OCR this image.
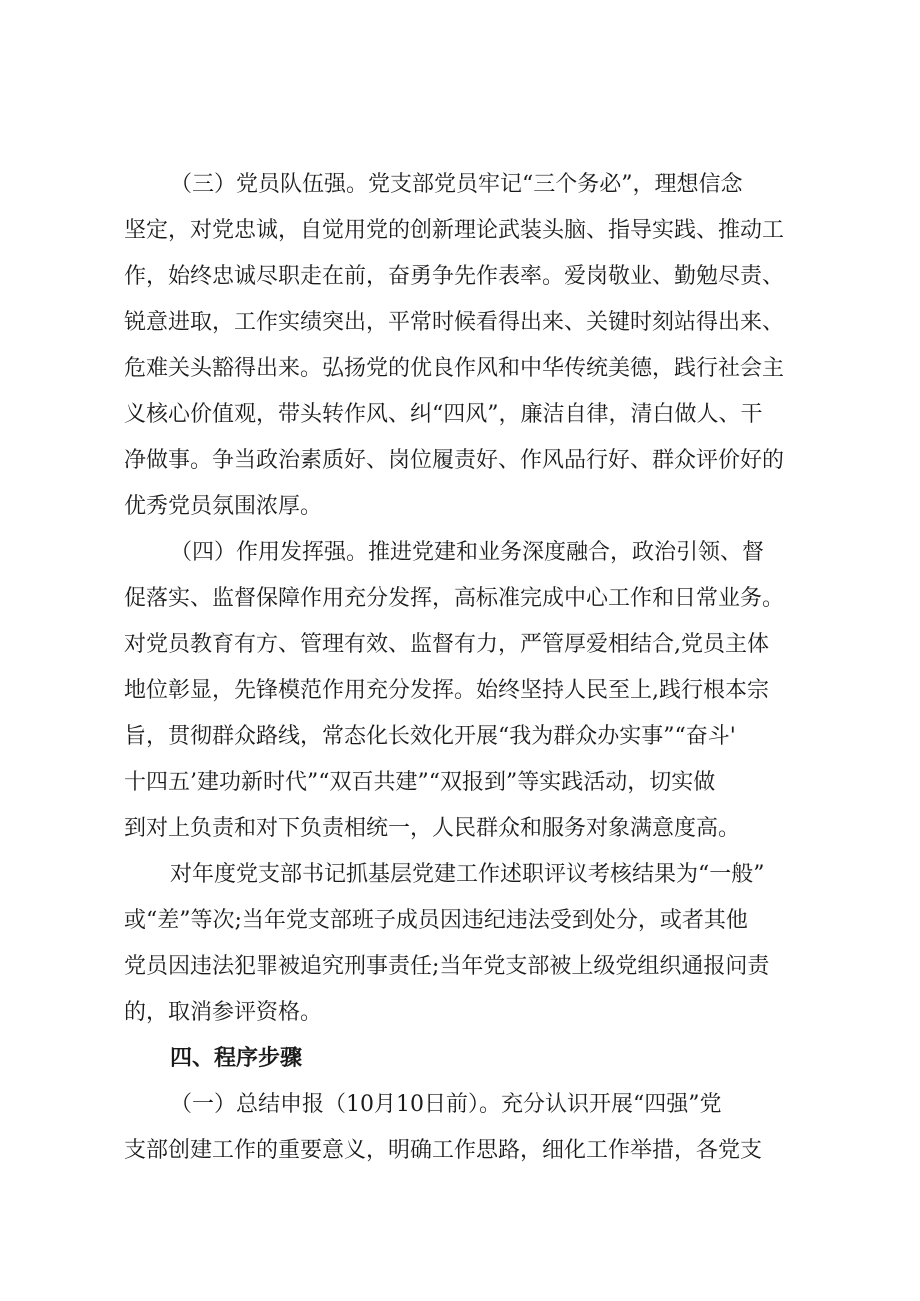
（三）党员队伍强。党支部党员牢记“三个务必”，理想信念
坚定，对党忠诚，自觉用党的创新理论武装头脑、指导实践、推动工
作，始终忠诚尽职走在前，奋勇争先作表率。爱岗敬业、勤勉尽责、
锐意进取，工作实绩突出，平常时候看得出来、关键时刻站得出来、
危难关头豁得出来。弘扬党的优良作风和中华传统美德，践行社会主
义核心价值观，带头转作风、纠“四风”，廉洁自律，清白做人、干
净做事。争当政治素质好、岗位履责好、作风品行好、群众评价好的
优秀党员氛围浓厚。
（四）作用发挥强。推进党建和业务深度融合，政治引领、督
促落实、监督保障作用充分发挥，高标准完成中心工作和日常业务。
对党员教育有方、管理有效、监督有力，严管厚爱相结合,党员主体
地位彰显，先锋模范作用充分发挥。始终坚持人民至上,践行根本宗
旨，贯彻群众路线，常态化长效化开展“我为群众办实事”“奋斗'
十四五’建功新时代”“双百共建”“双报到”等实践活动，切实做
到对上负责和对下负责相统一，人民群众和服务对象满意度高。
对年度党支部书记抓基层党建工作述职评议考核结果为“一般”
或“差”等次;当年党支部班子成员因违纪违法受到处分，或者其他
党员因违法犯罪被追究刑事责任;当年党支部被上级党组织通报问责
的，取消参评资格。
四、程序步骤
（一）总结申报（10月10日前）。充分认识开展“四强”党
支部创建工作的重要意义，明确工作思路，细化工作举措，各党支
